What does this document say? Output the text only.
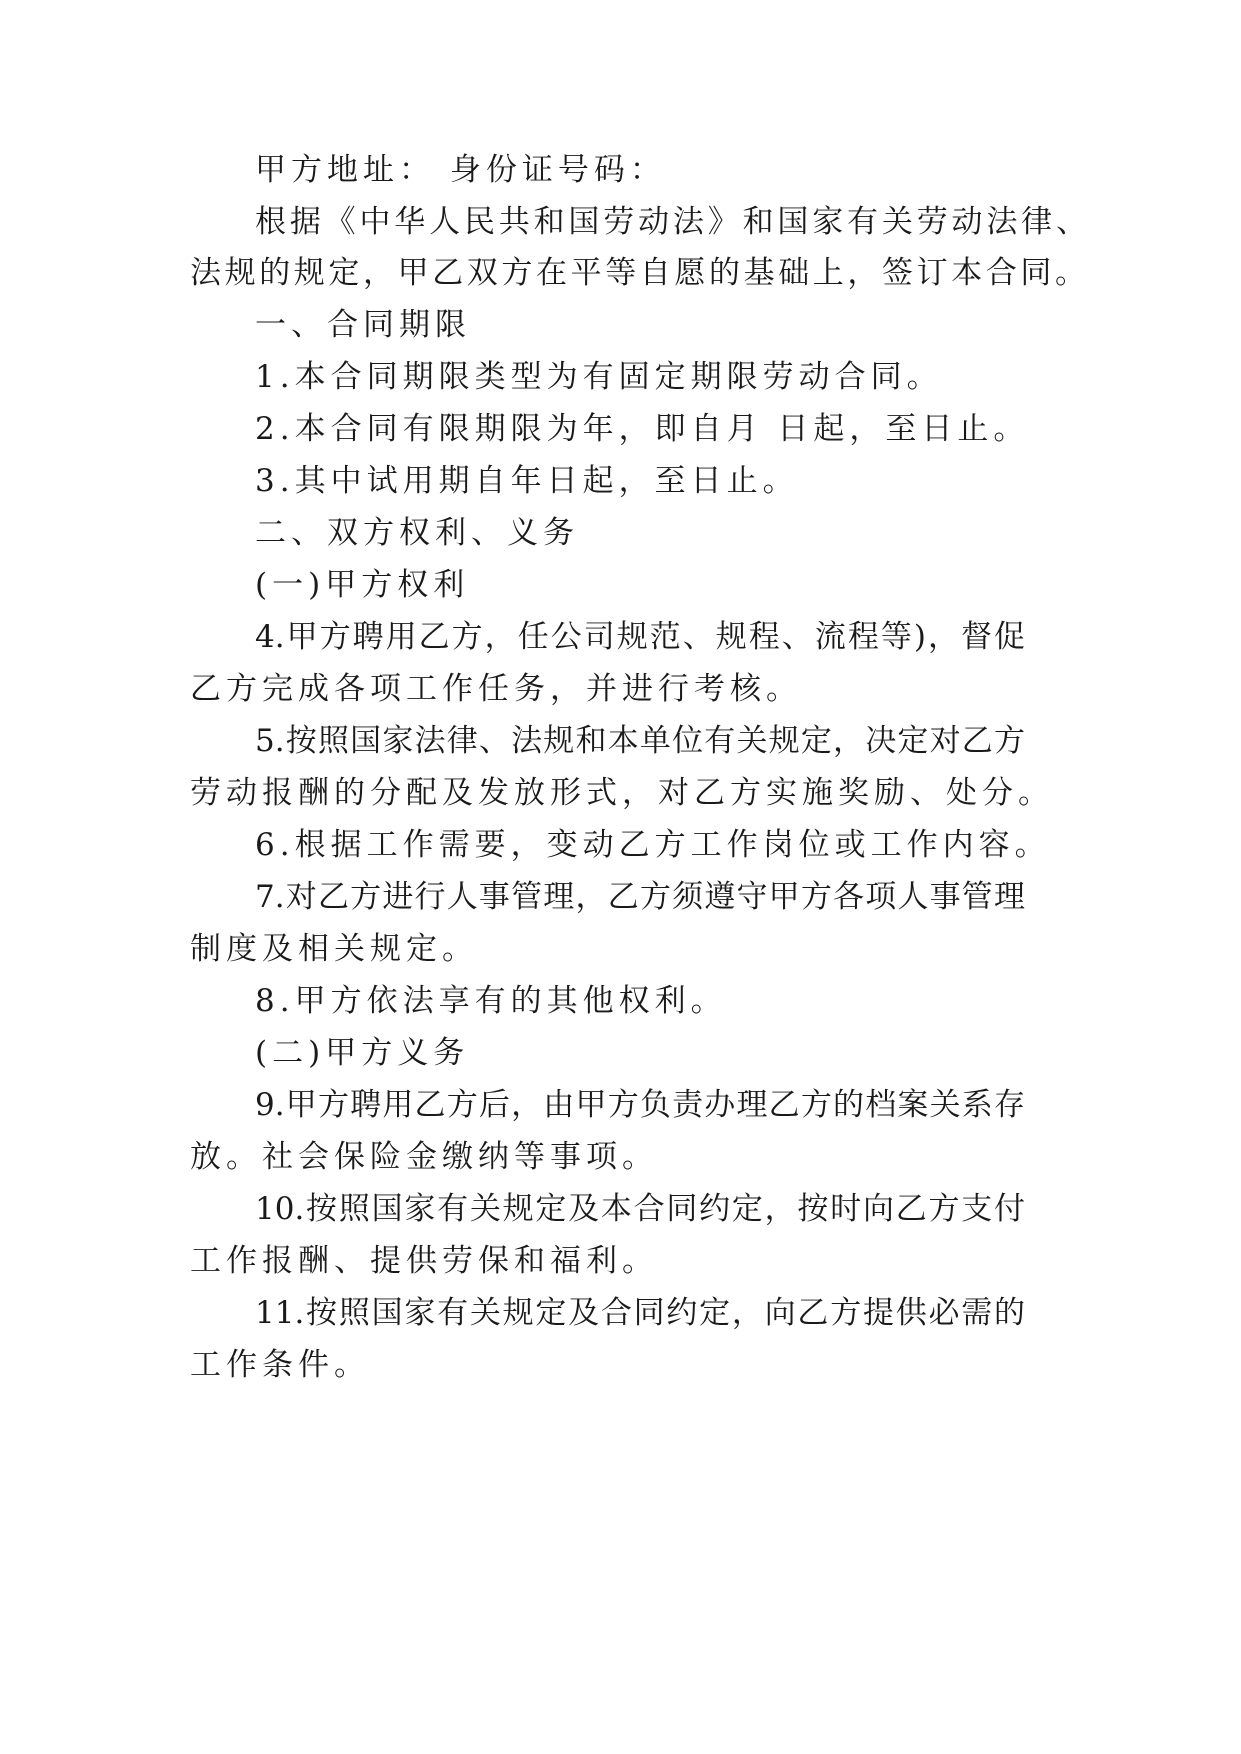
甲方地址： 身份证号码：
根据《中华人民共和国劳动法》和国家有关劳动法律、
法规的规定，甲乙双方在平等自愿的基础上，签订本合同。
一、合同期限
1.本合同期限类型为有固定期限劳动合同。
2.本合同有限期限为年，即自月 日起，至日止。
3.其中试用期自年日起，至日止。
二、双方权利、义务
(一)甲方权利
4.甲方聘用乙方，任公司规范、规程、流程等)，督促
乙方完成各项工作任务，并进行考核。
5.按照国家法律、法规和本单位有关规定，决定对乙方
劳动报酬的分配及发放形式，对乙方实施奖励、处分。
6.根据工作需要，变动乙方工作岗位或工作内容。
7.对乙方进行人事管理，乙方须遵守甲方各项人事管理
制度及相关规定。
8.甲方依法享有的其他权利。
(二)甲方义务
9.甲方聘用乙方后，由甲方负责办理乙方的档案关系存
放。社会保险金缴纳等事项。
10.按照国家有关规定及本合同约定，按时向乙方支付
工作报酬、提供劳保和福利。
11.按照国家有关规定及合同约定，向乙方提供必需的
工作条件。
